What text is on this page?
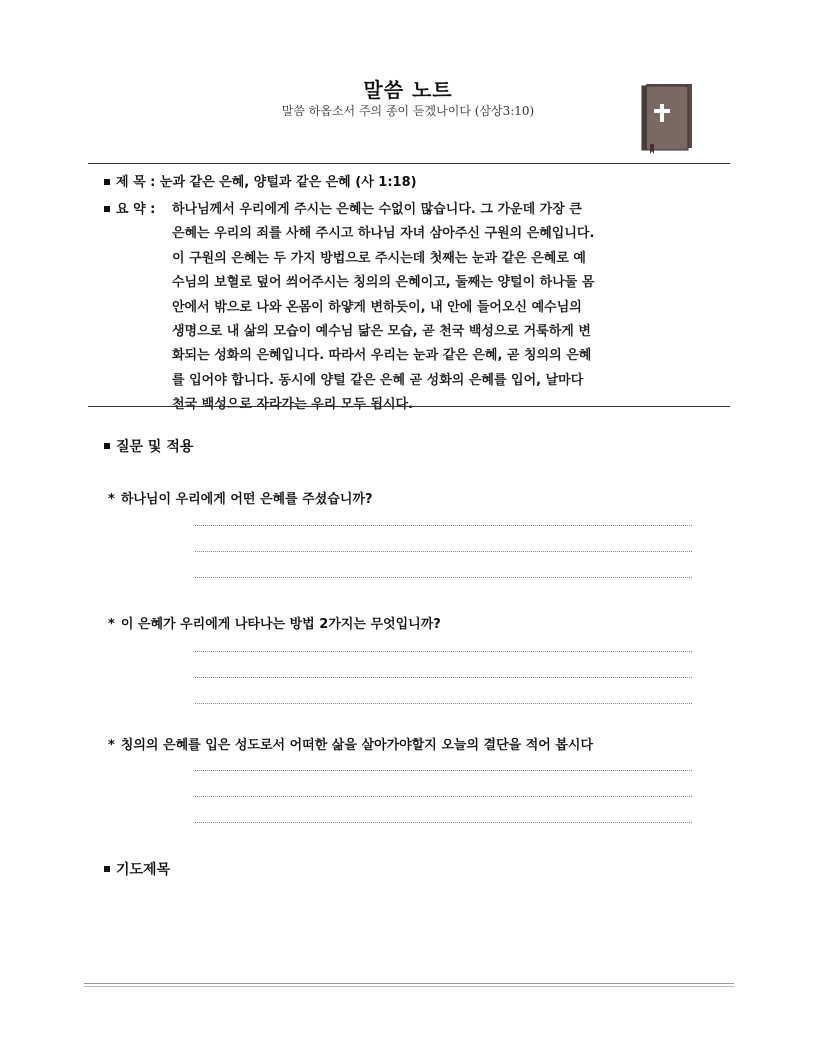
말씀 노트
말씀 하옵소서 주의 종이 듣겠나이다 (삼상3:10)
제 목 : 눈과 같은 은혜, 양털과 같은 은혜 (사 1:18)
요 약 : 하나님께서 우리에게 주시는 은혜는 수없이 많습니다. 그 가운데 가장 큰
은혜는 우리의 죄를 사해 주시고 하나님 자녀 삼아주신 구원의 은혜입니다.
이 구원의 은혜는 두 가지 방법으로 주시는데 첫째는 눈과 같은 은혜로 예
수님의 보혈로 덮어 씌어주시는 칭의의 은혜이고, 둘째는 양털이 하나둘 몸
안에서 밖으로 나와 온몸이 하얗게 변하듯이, 내 안에 들어오신 예수님의
생명으로 내 삶의 모습이 예수님 닮은 모습, 곧 천국 백성으로 거룩하게 변
화되는 성화의 은혜입니다. 따라서 우리는 눈과 같은 은혜, 곧 칭의의 은혜
를 입어야 합니다. 동시에 양털 같은 은혜 곧 성화의 은혜를 입어, 날마다
천국 백성으로 자라가는 우리 모두 됩시다.
질문 및 적용
* 하나님이 우리에게 어떤 은혜를 주셨습니까?
* 이 은혜가 우리에게 나타나는 방법 2가지는 무엇입니까?
* 칭의의 은혜를 입은 성도로서 어떠한 삶을 살아가야할지 오늘의 결단을 적어 봅시다
기도제목
